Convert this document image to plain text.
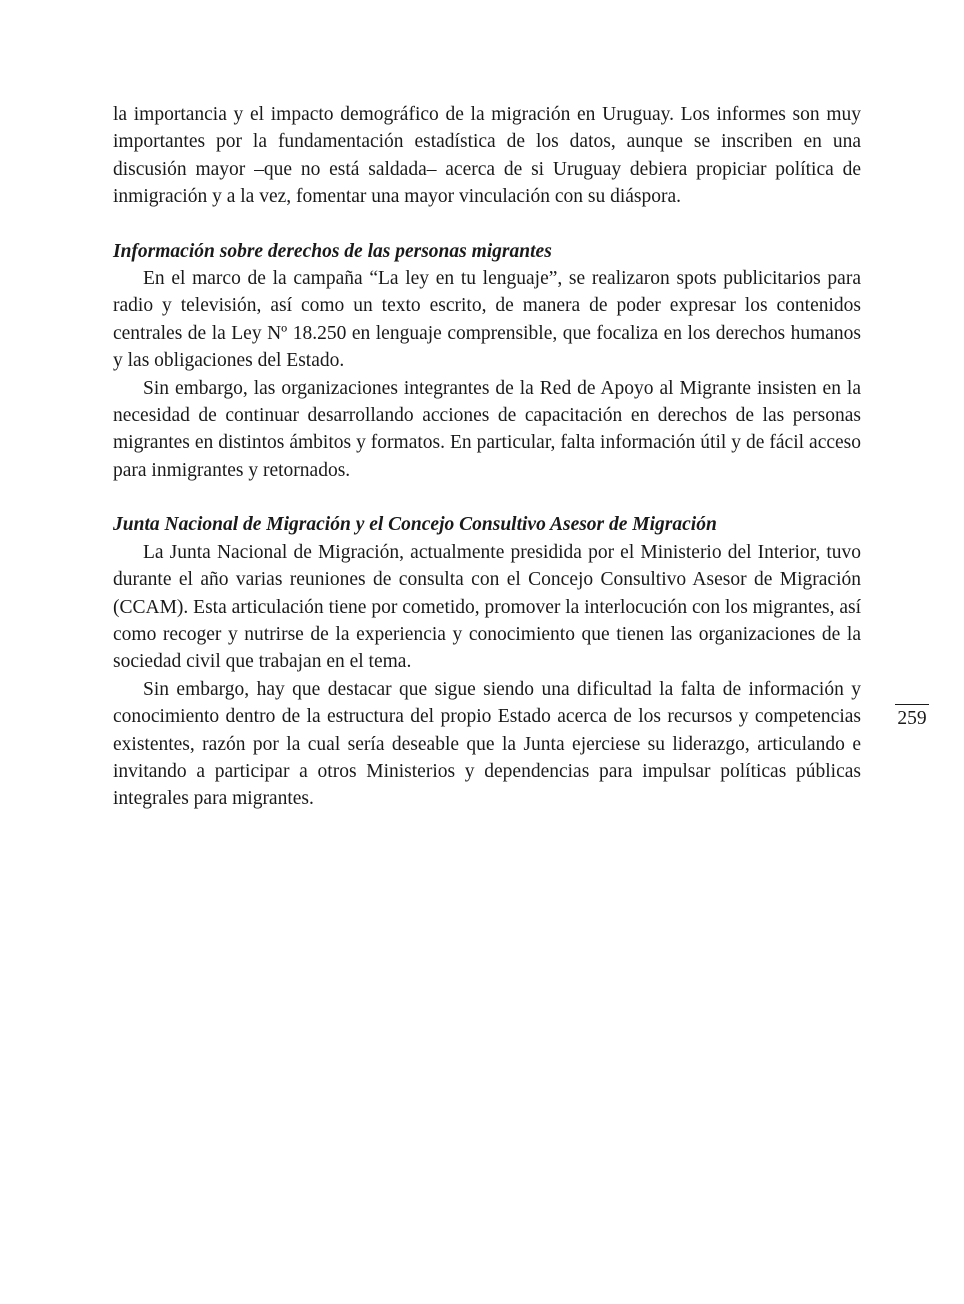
la importancia y el impacto demográfico de la migración en Uruguay. Los informes son muy importantes por la fundamentación estadística de los datos, aunque se inscriben en una discusión mayor –que no está saldada– acerca de si Uruguay debiera propiciar política de inmigración y a la vez, fomentar una mayor vinculación con su diáspora.

Información sobre derechos de las personas migrantes

En el marco de la campaña “La ley en tu lenguaje”, se realizaron spots publicitarios para radio y televisión, así como un texto escrito, de manera de poder expresar los contenidos centrales de la Ley Nº 18.250 en lenguaje comprensible, que focaliza en los derechos humanos y las obligaciones del Estado.

Sin embargo, las organizaciones integrantes de la Red de Apoyo al Migrante insisten en la necesidad de continuar desarrollando acciones de capacitación en derechos de las personas migrantes en distintos ámbitos y formatos. En particular, falta información útil y de fácil acceso para inmigrantes y retornados.

Junta Nacional de Migración y el Concejo Consultivo Asesor de Migración

La Junta Nacional de Migración, actualmente presidida por el Ministerio del Interior, tuvo durante el año varias reuniones de consulta con el Concejo Consultivo Asesor de Migración (CCAM). Esta articulación tiene por cometido, promover la interlocución con los migrantes, así como recoger y nutrirse de la experiencia y conocimiento que tienen las organizaciones de la sociedad civil que trabajan en el tema.

Sin embargo, hay que destacar que sigue siendo una dificultad la falta de información y conocimiento dentro de la estructura del propio Estado acerca de los recursos y competencias existentes, razón por la cual sería deseable que la Junta ejerciese su liderazgo, articulando e invitando a participar a otros Ministerios y dependencias para impulsar políticas públicas integrales para migrantes.

259
